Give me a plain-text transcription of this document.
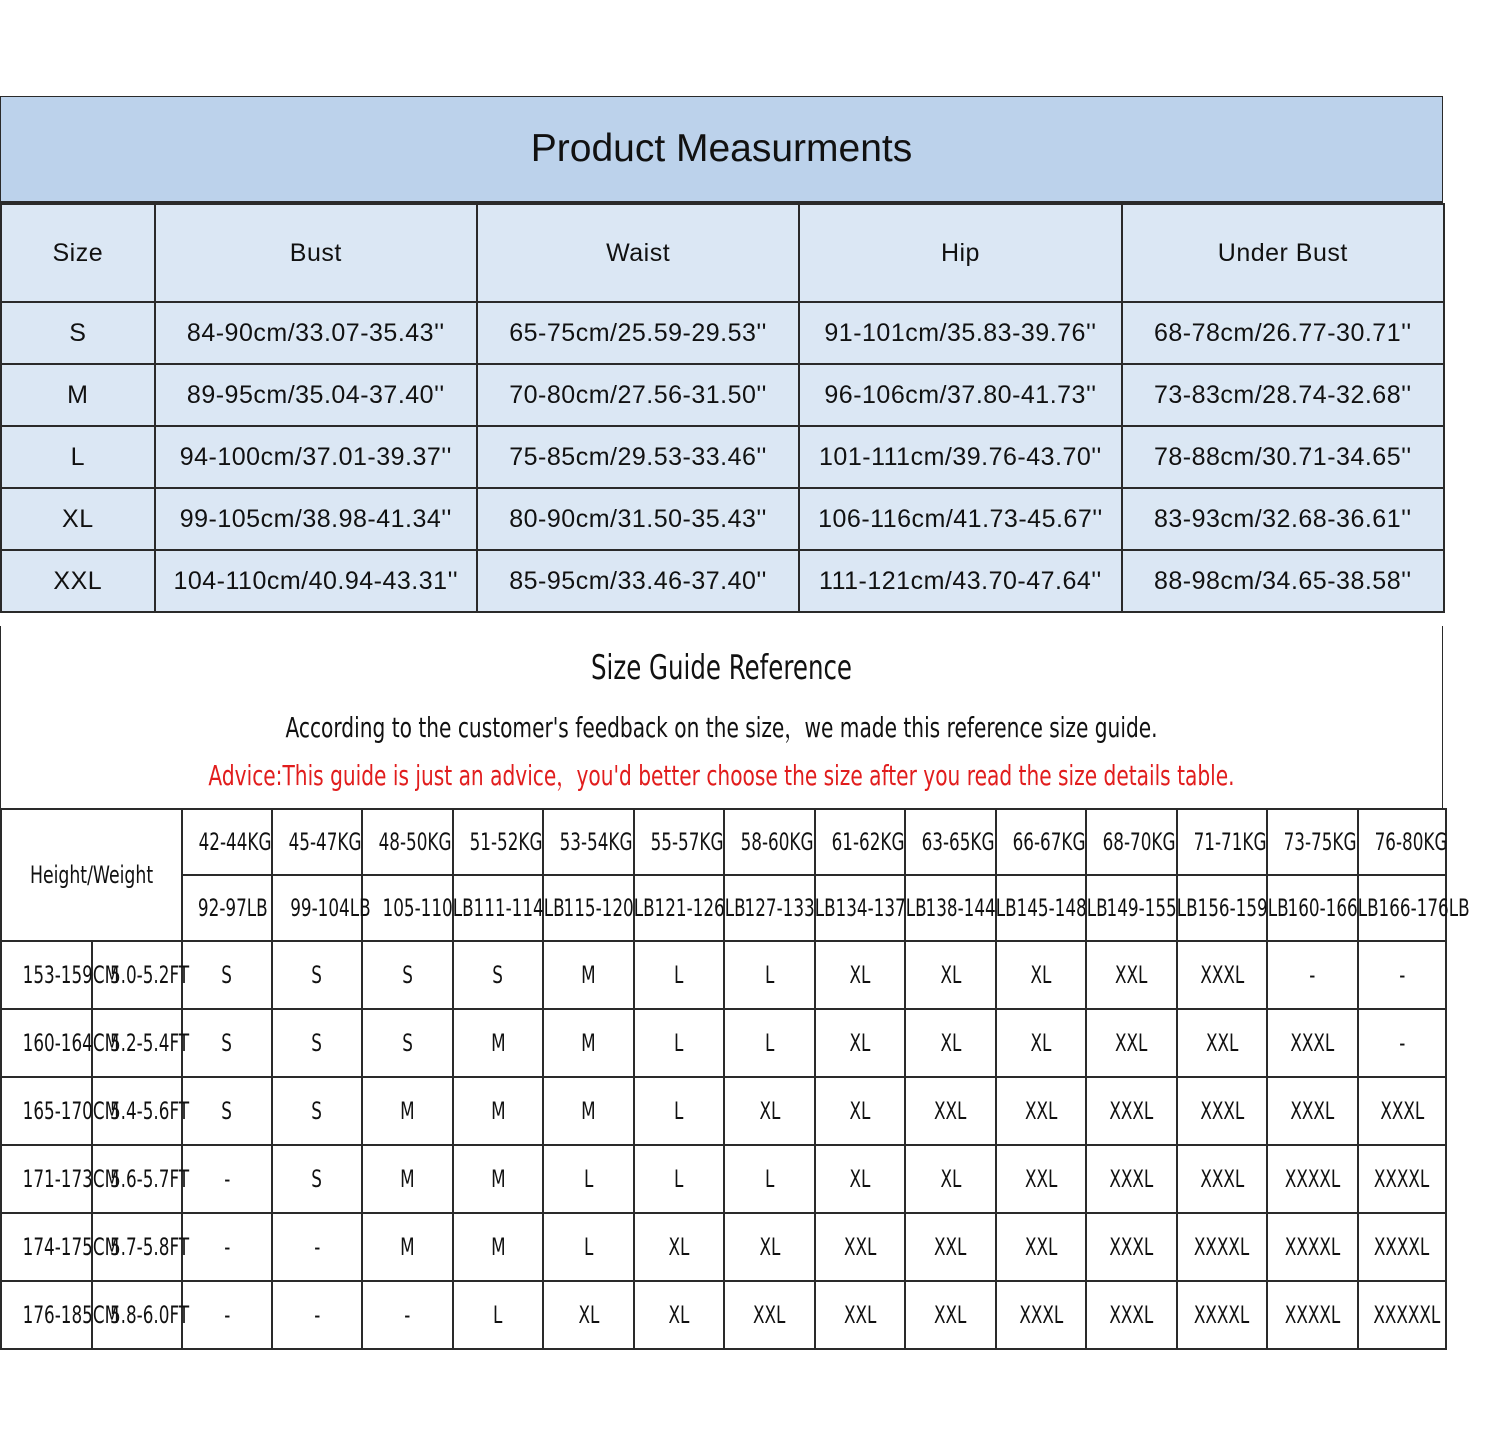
Product Measurments
Size	Bust	Waist	Hip	Under Bust
S	84-90cm/33.07-35.43''	65-75cm/25.59-29.53''	91-101cm/35.83-39.76''	68-78cm/26.77-30.71''
M	89-95cm/35.04-37.40''	70-80cm/27.56-31.50''	96-106cm/37.80-41.73''	73-83cm/28.74-32.68''
L	94-100cm/37.01-39.37''	75-85cm/29.53-33.46''	101-111cm/39.76-43.70''	78-88cm/30.71-34.65''
XL	99-105cm/38.98-41.34''	80-90cm/31.50-35.43''	106-116cm/41.73-45.67''	83-93cm/32.68-36.61''
XXL	104-110cm/40.94-43.31''	85-95cm/33.46-37.40''	111-121cm/43.70-47.64''	88-98cm/34.65-38.58''
Size Guide Reference
According to the customer's feedback on the size，we made this reference size guide.
Advice:This guide is just an advice，you'd better choose the size after you read the size details table.
Height/Weight		42-44KG	45-47KG	48-50KG	51-52KG	53-54KG	55-57KG	58-60KG	61-62KG	63-65KG	66-67KG	68-70KG	71-71KG	73-75KG	76-80KG
		92-97LB	99-104LB	105-110LB	111-114LB	115-120LB	121-126LB	127-133LB	134-137LB	138-144LB	145-148LB	149-155LB	156-159LB	160-166LB	166-176LB
153-159CM	5.0-5.2FT	S	S	S	S	M	L	L	XL	XL	XL	XXL	XXXL	-	-
160-164CM	5.2-5.4FT	S	S	S	M	M	L	L	XL	XL	XL	XXL	XXL	XXXL	-
165-170CM	5.4-5.6FT	S	S	M	M	M	L	XL	XL	XXL	XXL	XXXL	XXXL	XXXL	XXXL
171-173CM	5.6-5.7FT	-	S	M	M	L	L	L	XL	XL	XXL	XXXL	XXXL	XXXXL	XXXXL
174-175CM	5.7-5.8FT	-	-	M	M	L	XL	XL	XXL	XXL	XXL	XXXL	XXXXL	XXXXL	XXXXL
176-185CM	5.8-6.0FT	-	-	-	L	XL	XL	XXL	XXL	XXL	XXXL	XXXL	XXXXL	XXXXL	XXXXXL
